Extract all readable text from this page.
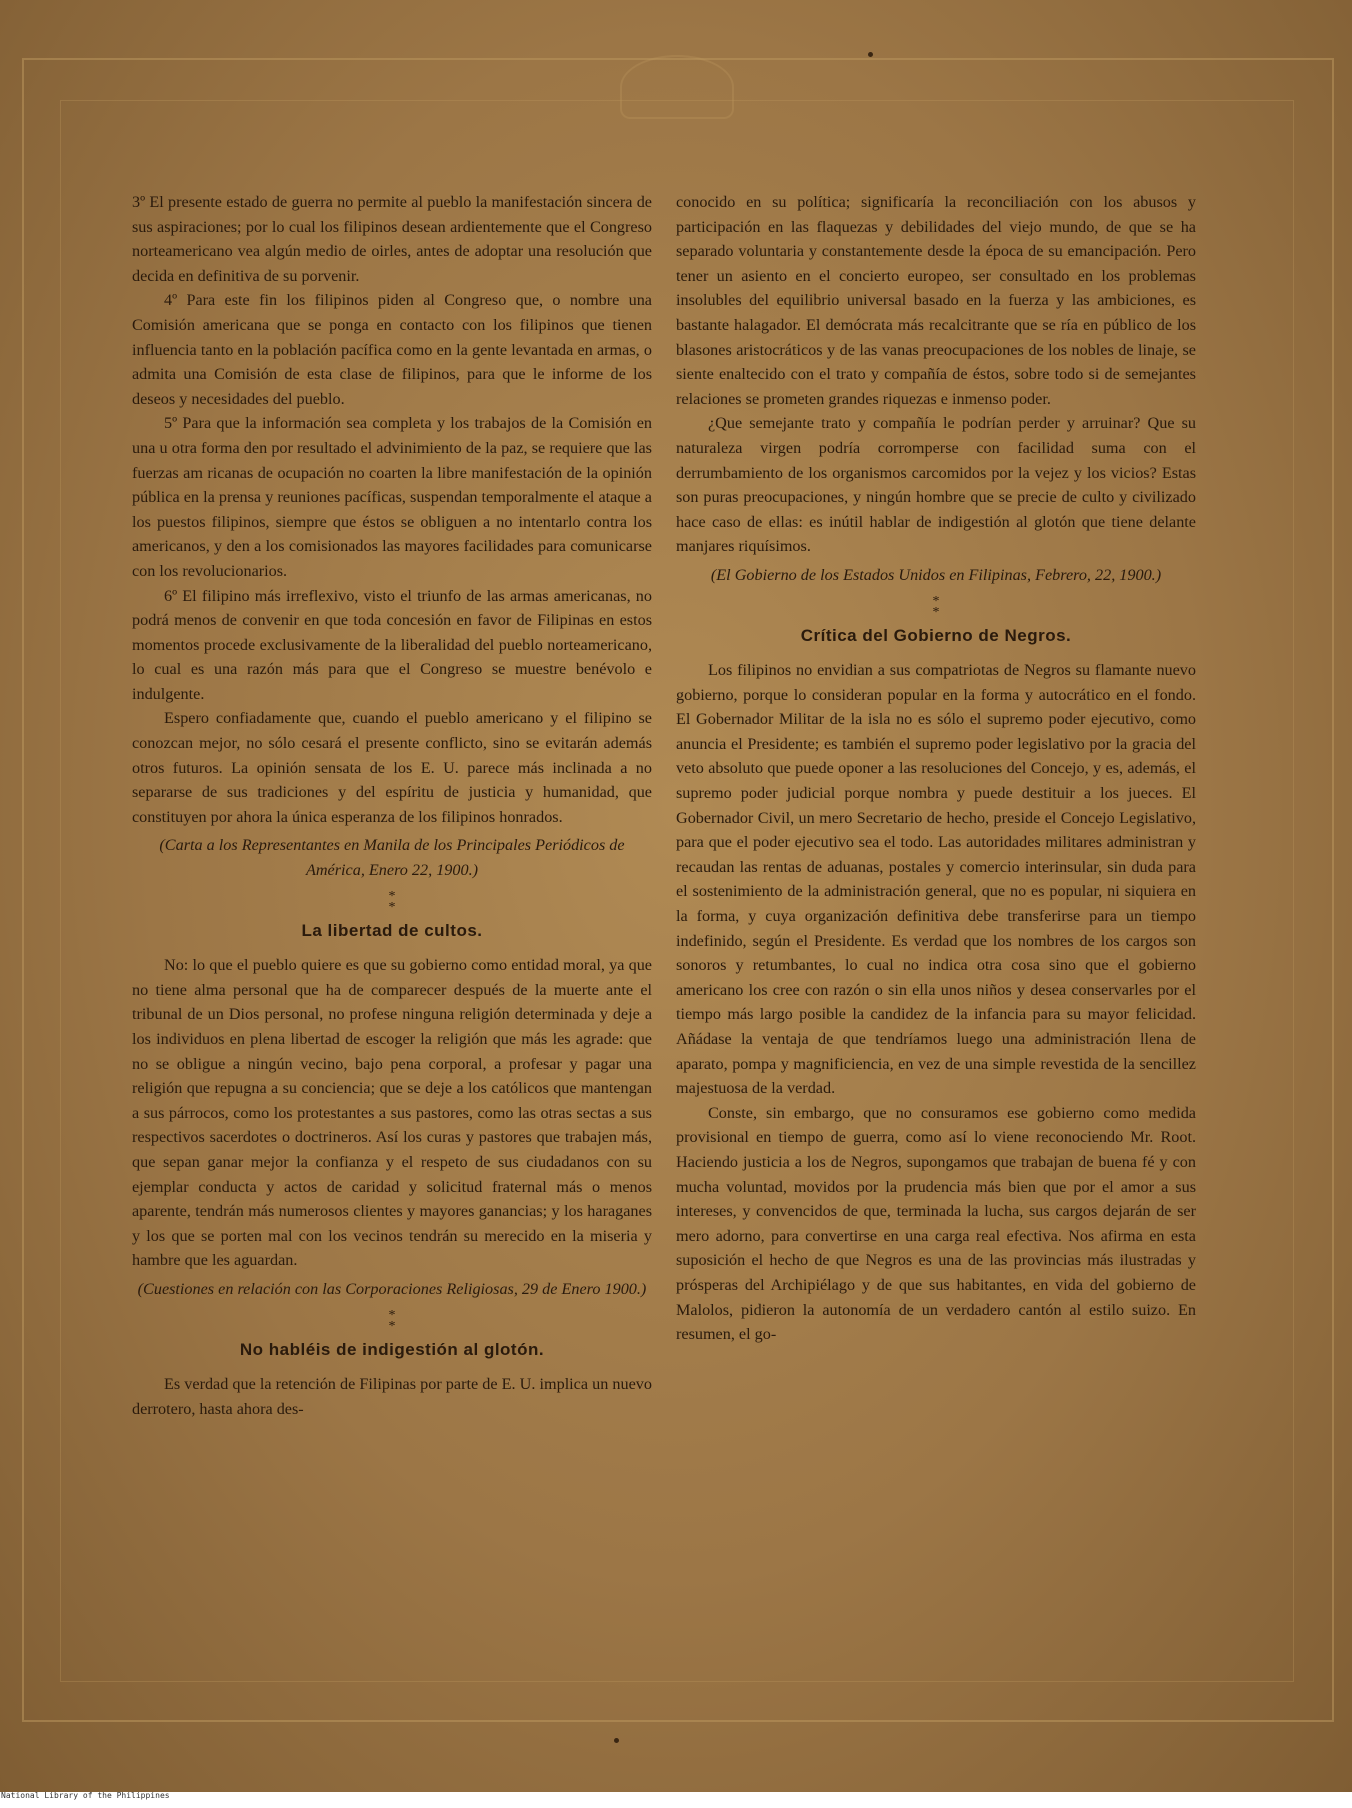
3º El presente estado de guerra no permite al pueblo la manifestación sincera de sus aspiraciones; por lo cual los filipinos desean ardientemente que el Congreso norteamericano vea algún medio de oirles, antes de adoptar una resolución que decida en definitiva de su porvenir.

4º Para este fin los filipinos piden al Congreso que, o nombre una Comisión americana que se ponga en contacto con los filipinos que tienen influencia tanto en la población pacífica como en la gente levantada en armas, o admita una Comisión de esta clase de filipinos, para que le informe de los deseos y necesidades del pueblo.

5º Para que la información sea completa y los trabajos de la Comisión en una u otra forma den por resultado el advinimiento de la paz, se requiere que las fuerzas am ricanas de ocupación no coarten la libre manifestación de la opinión pública en la prensa y reuniones pacíficas, suspendan temporalmente el ataque a los puestos filipinos, siempre que éstos se obliguen a no intentarlo contra los americanos, y den a los comisionados las mayores facilidades para comunicarse con los revolucionarios.

6º El filipino más irreflexivo, visto el triunfo de las armas americanas, no podrá menos de convenir en que toda concesión en favor de Filipinas en estos momentos procede exclusivamente de la liberalidad del pueblo norteamericano, lo cual es una razón más para que el Congreso se muestre benévolo e indulgente.

Espero confiadamente que, cuando el pueblo americano y el filipino se conozcan mejor, no sólo cesará el presente conflicto, sino se evitarán además otros futuros. La opinión sensata de los E. U. parece más inclinada a no separarse de sus tradiciones y del espíritu de justicia y humanidad, que constituyen por ahora la única esperanza de los filipinos honrados.

(Carta a los Representantes en Manila de los Principales Periódicos de América, Enero 22, 1900.)

*
*
La libertad de cultos.

No: lo que el pueblo quiere es que su gobierno como entidad moral, ya que no tiene alma personal que ha de comparecer después de la muerte ante el tribunal de un Dios personal, no profese ninguna religión determinada y deje a los individuos en plena libertad de escoger la religión que más les agrade: que no se obligue a ningún vecino, bajo pena corporal, a profesar y pagar una religión que repugna a su conciencia; que se deje a los católicos que mantengan a sus párrocos, como los protestantes a sus pastores, como las otras sectas a sus respectivos sacerdotes o doctrineros. Así los curas y pastores que trabajen más, que sepan ganar mejor la confianza y el respeto de sus ciudadanos con su ejemplar conducta y actos de caridad y solicitud fraternal más o menos aparente, tendrán más numerosos clientes y mayores ganancias; y los haraganes y los que se porten mal con los vecinos tendrán su merecido en la miseria y hambre que les aguardan.

(Cuestiones en relación con las Corporaciones Religiosas, 29 de Enero 1900.)

*
*
No habléis de indigestión al glotón.

Es verdad que la retención de Filipinas por parte de E. U. implica un nuevo derrotero, hasta ahora des-

conocido en su política; significaría la reconciliación con los abusos y participación en las flaquezas y debilidades del viejo mundo, de que se ha separado voluntaria y constantemente desde la época de su emancipación. Pero tener un asiento en el concierto europeo, ser consultado en los problemas insolubles del equilibrio universal basado en la fuerza y las ambiciones, es bastante halagador. El demócrata más recalcitrante que se ría en público de los blasones aristocráticos y de las vanas preocupaciones de los nobles de linaje, se siente enaltecido con el trato y compañía de éstos, sobre todo si de semejantes relaciones se prometen grandes riquezas e inmenso poder.

¿Que semejante trato y compañía le podrían perder y arruinar? Que su naturaleza virgen podría corromperse con facilidad suma con el derrumbamiento de los organismos carcomidos por la vejez y los vicios? Estas son puras preocupaciones, y ningún hombre que se precie de culto y civilizado hace caso de ellas: es inútil hablar de indigestión al glotón que tiene delante manjares riquísimos.

(El Gobierno de los Estados Unidos en Filipinas, Febrero, 22, 1900.)

*
*
Crítica del Gobierno de Negros.

Los filipinos no envidian a sus compatriotas de Negros su flamante nuevo gobierno, porque lo consideran popular en la forma y autocrático en el fondo. El Gobernador Militar de la isla no es sólo el supremo poder ejecutivo, como anuncia el Presidente; es también el supremo poder legislativo por la gracia del veto absoluto que puede oponer a las resoluciones del Concejo, y es, además, el supremo poder judicial porque nombra y puede destituir a los jueces. El Gobernador Civil, un mero Secretario de hecho, preside el Concejo Legislativo, para que el poder ejecutivo sea el todo. Las autoridades militares administran y recaudan las rentas de aduanas, postales y comercio interinsular, sin duda para el sostenimiento de la administración general, que no es popular, ni siquiera en la forma, y cuya organización definitiva debe transferirse para un tiempo indefinido, según el Presidente. Es verdad que los nombres de los cargos son sonoros y retumbantes, lo cual no indica otra cosa sino que el gobierno americano los cree con razón o sin ella unos niños y desea conservarles por el tiempo más largo posible la candidez de la infancia para su mayor felicidad. Añádase la ventaja de que tendríamos luego una administración llena de aparato, pompa y magnificiencia, en vez de una simple revestida de la sencillez majestuosa de la verdad.

Conste, sin embargo, que no consuramos ese gobierno como medida provisional en tiempo de guerra, como así lo viene reconociendo Mr. Root. Haciendo justicia a los de Negros, supongamos que trabajan de buena fé y con mucha voluntad, movidos por la prudencia más bien que por el amor a sus intereses, y convencidos de que, terminada la lucha, sus cargos dejarán de ser mero adorno, para convertirse en una carga real efectiva. Nos afirma en esta suposición el hecho de que Negros es una de las provincias más ilustradas y prósperas del Archipiélago y de que sus habitantes, en vida del gobierno de Malolos, pidieron la autonomía de un verdadero cantón al estilo suizo. En resumen, el go-

National Library of the Philippines
